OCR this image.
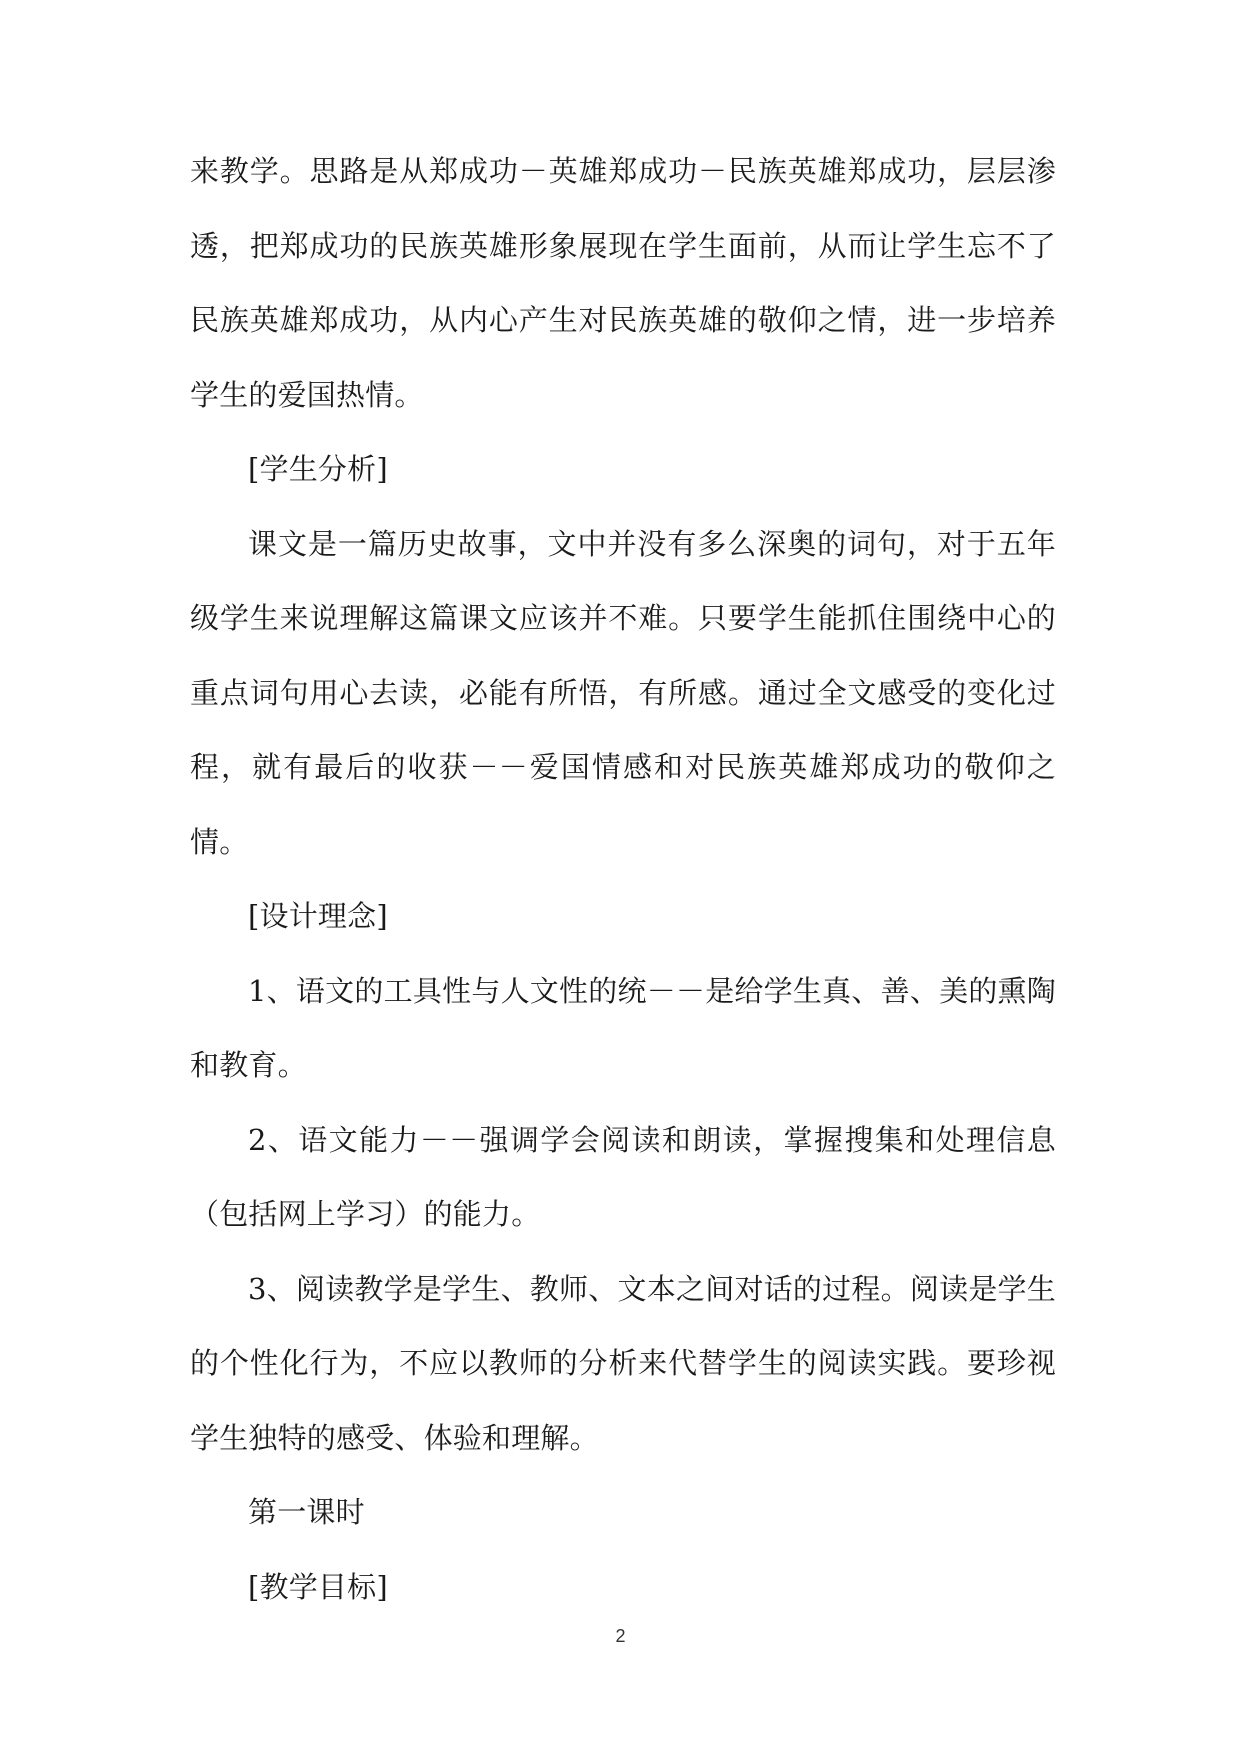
来教学。思路是从郑成功－英雄郑成功－民族英雄郑成功，层层渗透，把郑成功的民族英雄形象展现在学生面前，从而让学生忘不了民族英雄郑成功，从内心产生对民族英雄的敬仰之情，进一步培养学生的爱国热情。

[学生分析]

课文是一篇历史故事，文中并没有多么深奥的词句，对于五年级学生来说理解这篇课文应该并不难。只要学生能抓住围绕中心的重点词句用心去读，必能有所悟，有所感。通过全文感受的变化过程，就有最后的收获－－爱国情感和对民族英雄郑成功的敬仰之情。

[设计理念]

1、语文的工具性与人文性的统－－是给学生真、善、美的熏陶和教育。

2、语文能力－－强调学会阅读和朗读，掌握搜集和处理信息（包括网上学习）的能力。

3、阅读教学是学生、教师、文本之间对话的过程。阅读是学生的个性化行为，不应以教师的分析来代替学生的阅读实践。要珍视学生独特的感受、体验和理解。

第一课时

[教学目标]

2
